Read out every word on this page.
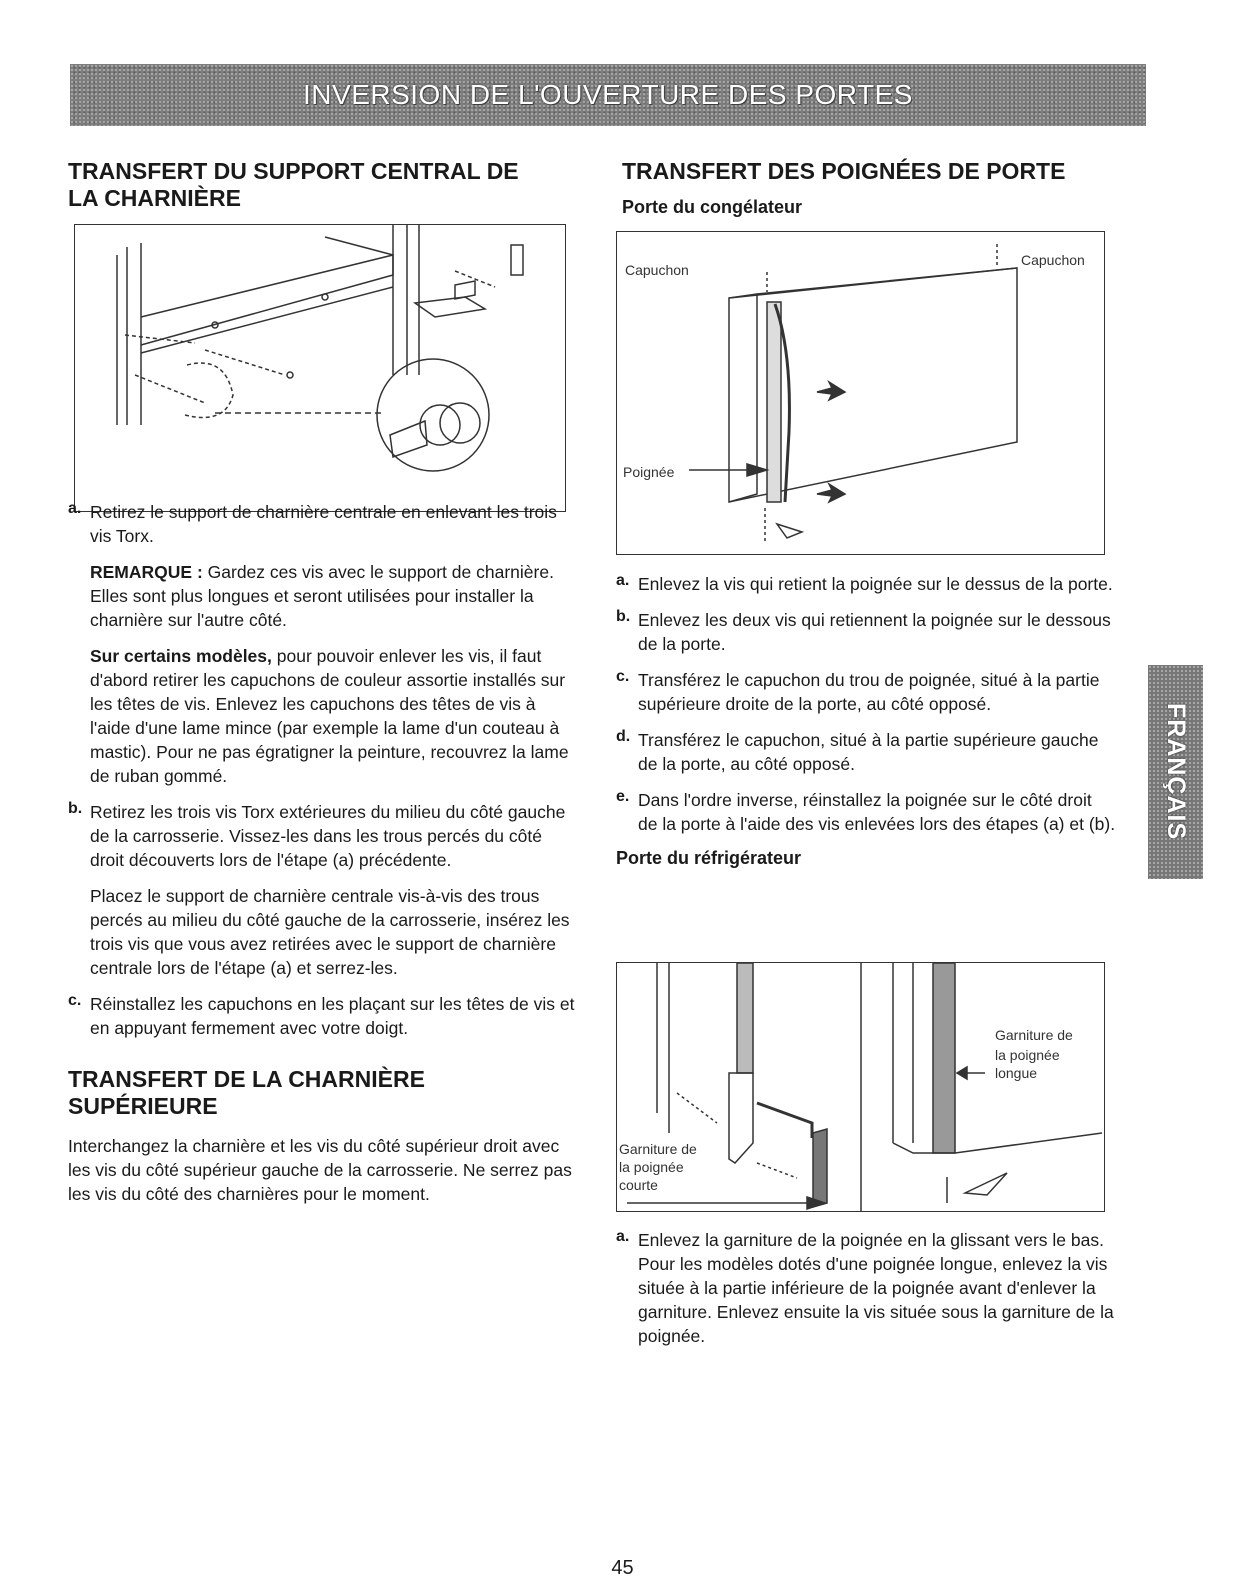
INVERSION DE L'OUVERTURE DES PORTES
TRANSFERT DU SUPPORT CENTRAL DE
LA CHARNIÈRE
a. Retirez le support de charnière centrale en enlevant les trois vis Torx.

REMARQUE : Gardez ces vis avec le support de charnière. Elles sont plus longues et seront utilisées pour installer la charnière sur l'autre côté.

Sur certains modèles, pour pouvoir enlever les vis, il faut d'abord retirer les capuchons de couleur assortie installés sur les têtes de vis. Enlevez les capuchons des têtes de vis à l'aide d'une lame mince (par exemple la lame d'un couteau à mastic). Pour ne pas égratigner la peinture, recouvrez la lame de ruban gommé.

b. Retirez les trois vis Torx extérieures du milieu du côté gauche de la carrosserie. Vissez-les dans les trous percés du côté droit découverts lors de l'étape (a) précédente.

Placez le support de charnière centrale vis-à-vis des trous percés au milieu du côté gauche de la carrosserie, insérez les trois vis que vous avez retirées avec le support de charnière centrale lors de l'étape (a) et serrez-les.

c. Réinstallez les capuchons en les plaçant sur les têtes de vis et en appuyant fermement avec votre doigt.

TRANSFERT DE LA CHARNIÈRE
SUPÉRIEURE

Interchangez la charnière et les vis du côté supérieur droit avec les vis du côté supérieur gauche de la carrosserie. Ne serrez pas les vis du côté des charnières pour le moment.

TRANSFERT DES POIGNÉES DE PORTE
Porte du congélateur
Capuchon
Capuchon
Poignée
a. Enlevez la vis qui retient la poignée sur le dessus de la porte.

b. Enlevez les deux vis qui retiennent la poignée sur le dessous de la porte.

c. Transférez le capuchon du trou de poignée, situé à la partie supérieure droite de la porte, au côté opposé.

d. Transférez le capuchon, situé à la partie supérieure gauche de la porte, au côté opposé.

e. Dans l'ordre inverse, réinstallez la poignée sur le côté droit de la porte à l'aide des vis enlevées lors des étapes (a) et (b).

Porte du réfrigérateur
Garniture de
la poignée
courte
Garniture de
la poignée
longue
a. Enlevez la garniture de la poignée en la glissant vers le bas. Pour les modèles dotés d'une poignée longue, enlevez la vis située à la partie inférieure de la poignée avant d'enlever la garniture. Enlevez ensuite la vis située sous la garniture de la poignée.

FRANÇAIS
45
